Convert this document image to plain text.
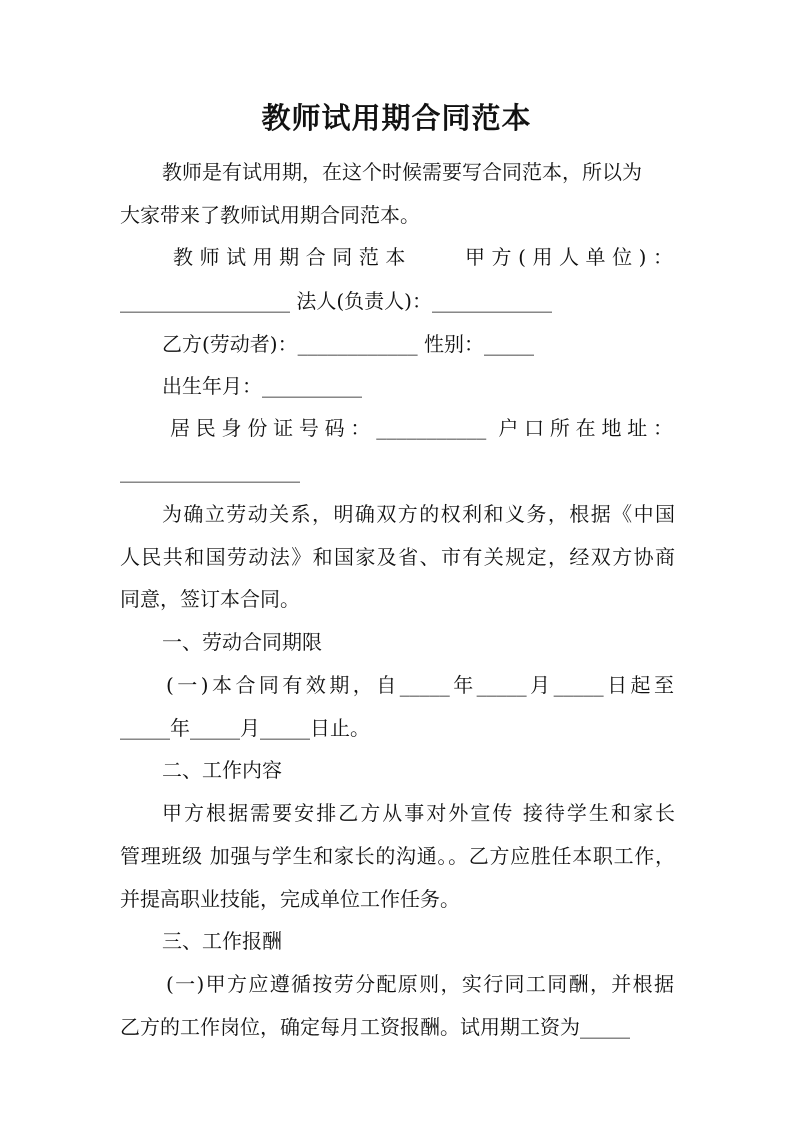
教师试用期合同范本
教师是有试用期，在这个时候需要写合同范本，所以为
大家带来了教师试用期合同范本。
教师试用期合同范本　　甲方(用人单位)：
_________________ 法人(负责人)：____________
乙方(劳动者)：____________ 性别：_____
出生年月：__________
居民身份证号码：___________ 户口所在地址：
__________________
为确立劳动关系，明确双方的权利和义务，根据《中国
人民共和国劳动法》和国家及省、市有关规定，经双方协商
同意，签订本合同。
一、劳动合同期限
(一)本合同有效期，自_____年_____月_____日起至
_____年_____月_____日止。
二、工作内容
甲方根据需要安排乙方从事对外宣传 接待学生和家长
管理班级 加强与学生和家长的沟通。。乙方应胜任本职工作，
并提高职业技能，完成单位工作任务。
三、工作报酬
(一)甲方应遵循按劳分配原则，实行同工同酬，并根据
乙方的工作岗位，确定每月工资报酬。试用期工资为_____
